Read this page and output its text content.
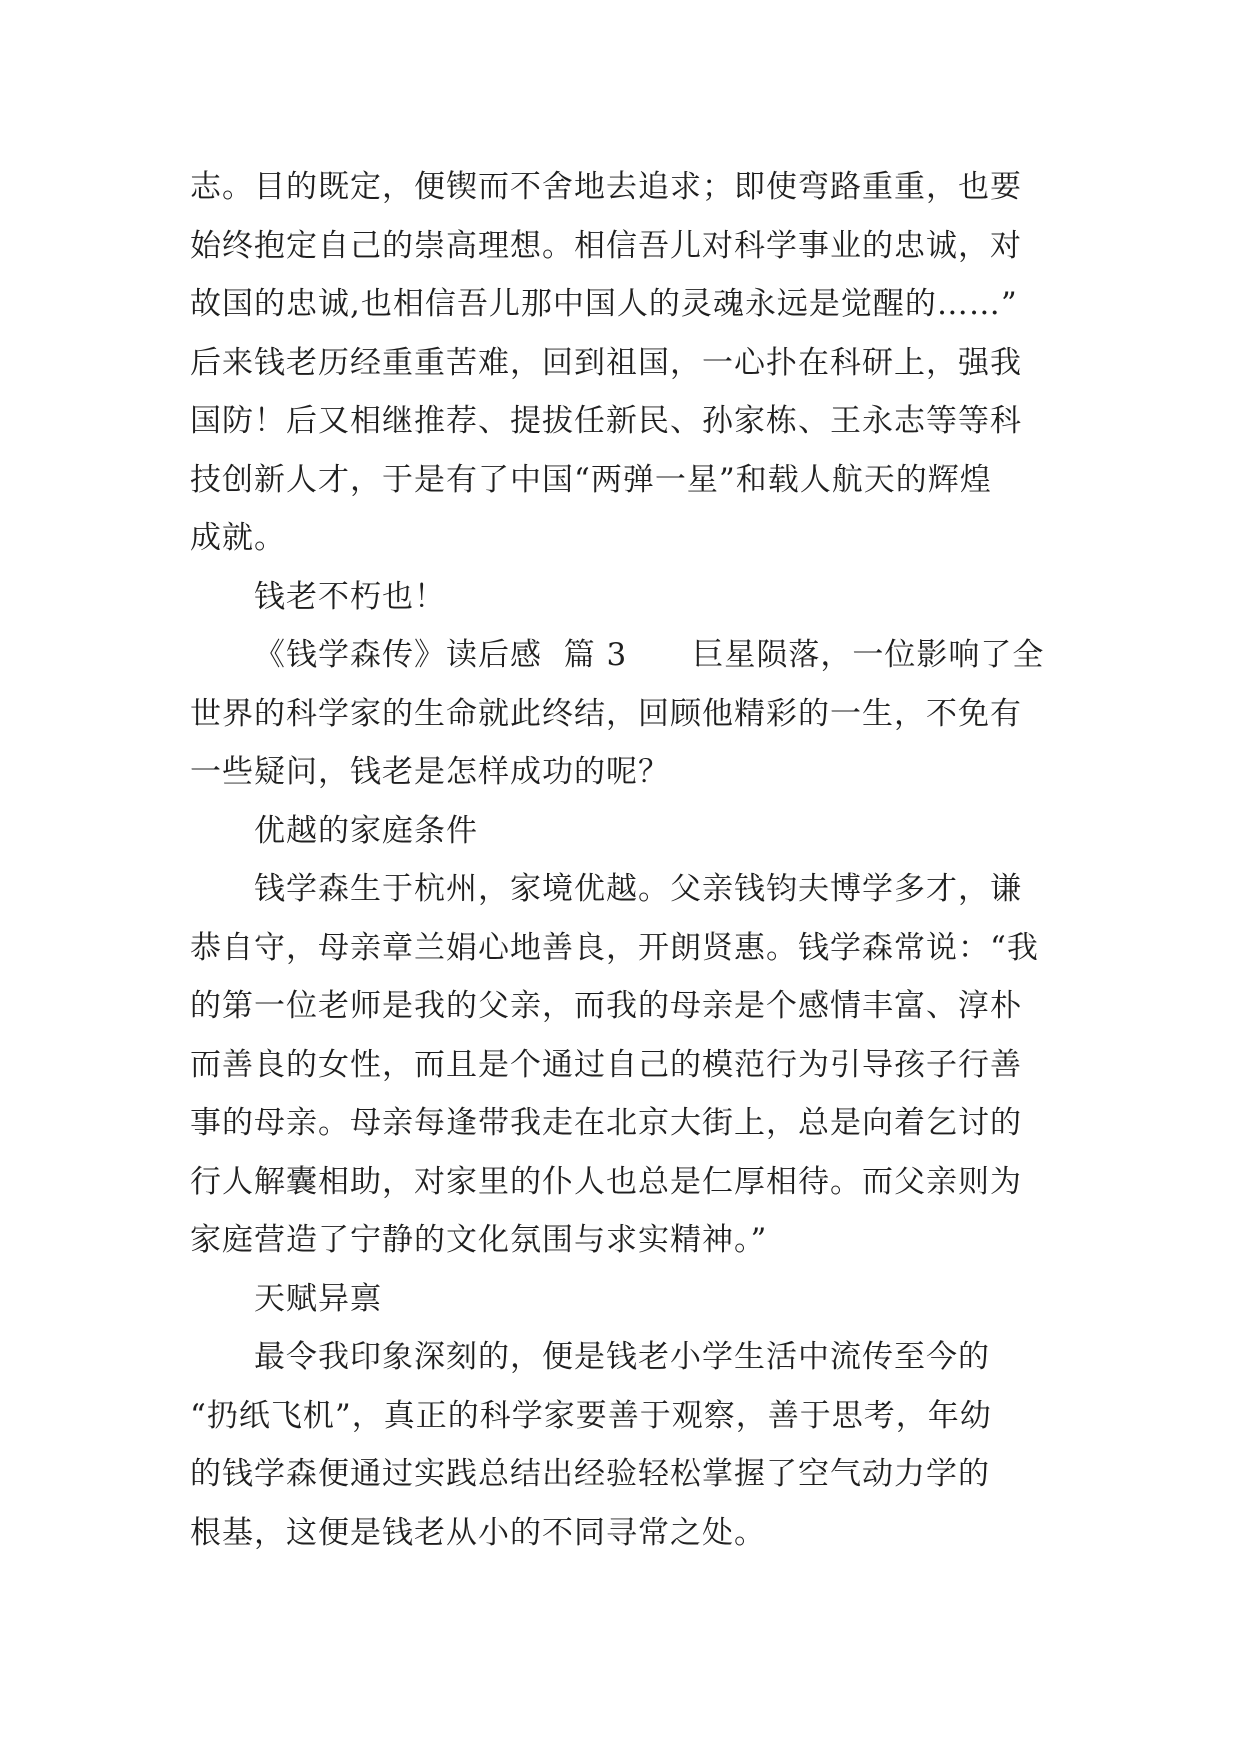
志。目的既定，便锲而不舍地去追求；即使弯路重重，也要
始终抱定自己的崇高理想。相信吾儿对科学事业的忠诚，对
故国的忠诚,也相信吾儿那中国人的灵魂永远是觉醒的……”
后来钱老历经重重苦难，回到祖国，一心扑在科研上，强我
国防！后又相继推荐、提拔任新民、孙家栋、王永志等等科
技创新人才，于是有了中国“两弹一星”和载人航天的辉煌
成就。
钱老不朽也！
《钱学森传》读后感  篇 3      巨星陨落，一位影响了全
世界的科学家的生命就此终结，回顾他精彩的一生，不免有
一些疑问，钱老是怎样成功的呢？
优越的家庭条件
钱学森生于杭州，家境优越。父亲钱钧夫博学多才，谦
恭自守，母亲章兰娟心地善良，开朗贤惠。钱学森常说：“我
的第一位老师是我的父亲，而我的母亲是个感情丰富、淳朴
而善良的女性，而且是个通过自己的模范行为引导孩子行善
事的母亲。母亲每逢带我走在北京大街上，总是向着乞讨的
行人解囊相助，对家里的仆人也总是仁厚相待。而父亲则为
家庭营造了宁静的文化氛围与求实精神。”
天赋异禀
最令我印象深刻的，便是钱老小学生活中流传至今的
“扔纸飞机”，真正的科学家要善于观察，善于思考，年幼
的钱学森便通过实践总结出经验轻松掌握了空气动力学的
根基，这便是钱老从小的不同寻常之处。
